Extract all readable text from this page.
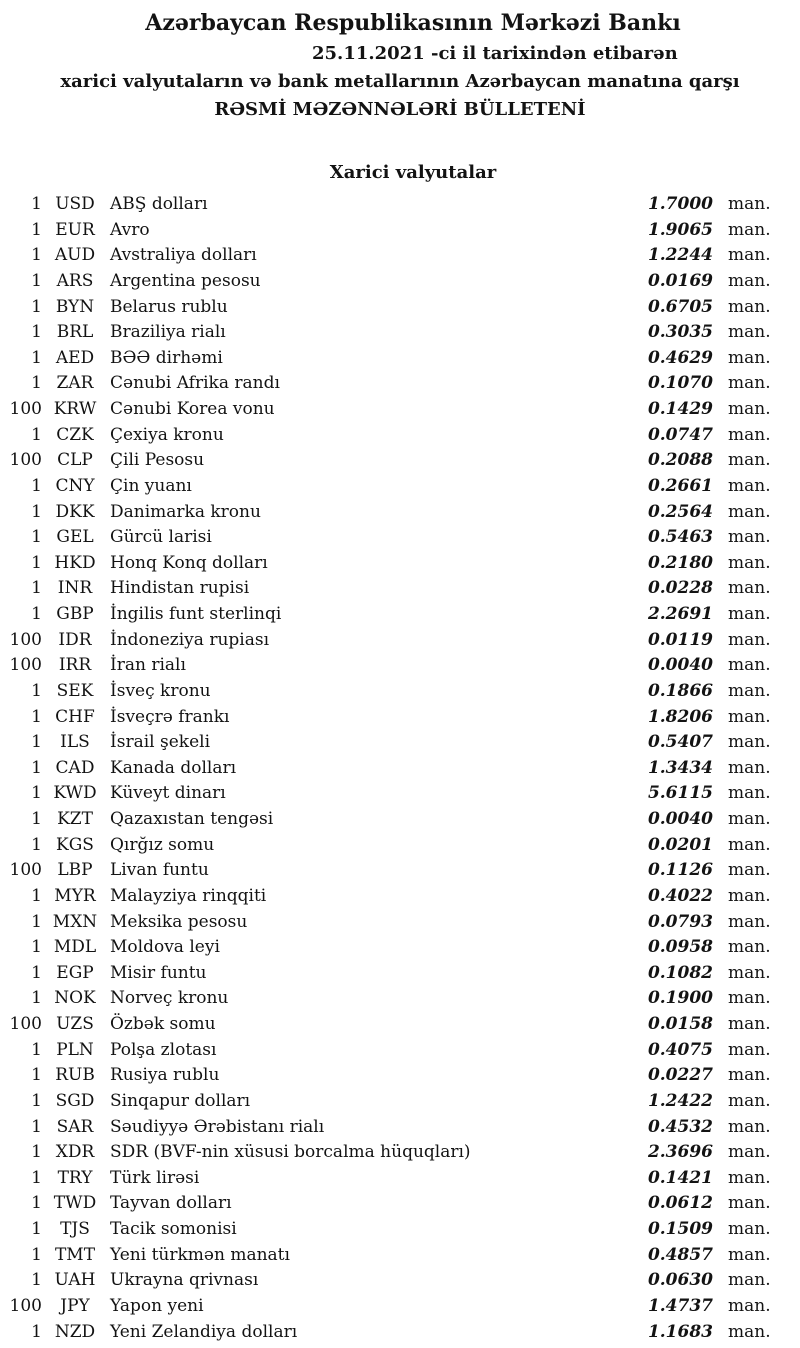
Azərbaycan Respublikasının Mərkəzi Bankı
25.11.2021 -ci il tarixindən etibarən
xarici valyutaların və bank metallarının Azərbaycan manatına qarşı
RƏSMİ MƏZƏNNƏLƏRİ BÜLLETENİ
Xarici valyutalar
1 USD ABŞ dolları	1.7000 man.
1 EUR Avro	1.9065 man.
1 AUD Avstraliya dolları	1.2244 man.
1 ARS Argentina pesosu	0.0169 man.
1 BYN Belarus rublu	0.6705 man.
1 BRL Braziliya rialı	0.3035 man.
1 AED BƏƏ dirhəmi	0.4629 man.
1 ZAR Cənubi Afrika randı	0.1070 man.
100 KRW Cənubi Korea vonu	0.1429 man.
1 CZK Çexiya kronu	0.0747 man.
100 CLP	Çili Pesosu	0.2088 man.
1 CNY Çin yuanı	0.2661 man.
1 DKK Danimarka kronu	0.2564 man.
1 GEL Gürcü larisi	0.5463 man.
1 HKD Honq Konq dolları	0.2180 man.
1 INR	Hindistan rupisi	0.0228 man.
1 GBP İngilis funt sterlinqi	2.2691 man.
100 IDR	İndoneziya rupiası	0.0119 man.
100 IRR	İran rialı	0.0040 man.
1 SEK İsveç kronu	0.1866 man.
1 CHF İsveçrə frankı	1.8206 man.
1	ILS	İsrail şekeli	0.5407 man.
1 CAD Kanada dolları	1.3434 man.
1 KWD Küveyt dinarı	5.6115 man.
1 KZT	Qazaxıstan tengəsi	0.0040 man.
1 KGS Qırğız somu	0.0201 man.
100 LBP	Livan funtu	0.1126 man.
1 MYR Malayziya rinqqiti	0.4022 man.
1 MXN Meksika pesosu	0.0793 man.
1 MDL Moldova leyi	0.0958 man.
1 EGP Misir funtu	0.1082 man.
1 NOK Norveç kronu	0.1900 man.
100 UZS Özbək somu	0.0158 man.
1 PLN Polşa zlotası	0.4075 man.
1 RUB Rusiya rublu	0.0227 man.
1 SGD Sinqapur dolları	1.2422 man.
1 SAR Səudiyyə Ərəbistanı rialı	0.4532 man.
1 XDR SDR (BVF-nin xüsusi borcalma hüquqları)	2.3696 man.
1 TRY	Türk lirəsi	0.1421 man.
1 TWD Tayvan dolları	0.0612 man.
1	TJS	Tacik somonisi	0.1509 man.
1 TMT Yeni türkmən manatı	0.4857 man.
1 UAH Ukrayna qrivnası	0.0630 man.
100	JPY	Yapon yeni	1.4737 man.
1 NZD Yeni Zelandiya dolları	1.1683 man.
